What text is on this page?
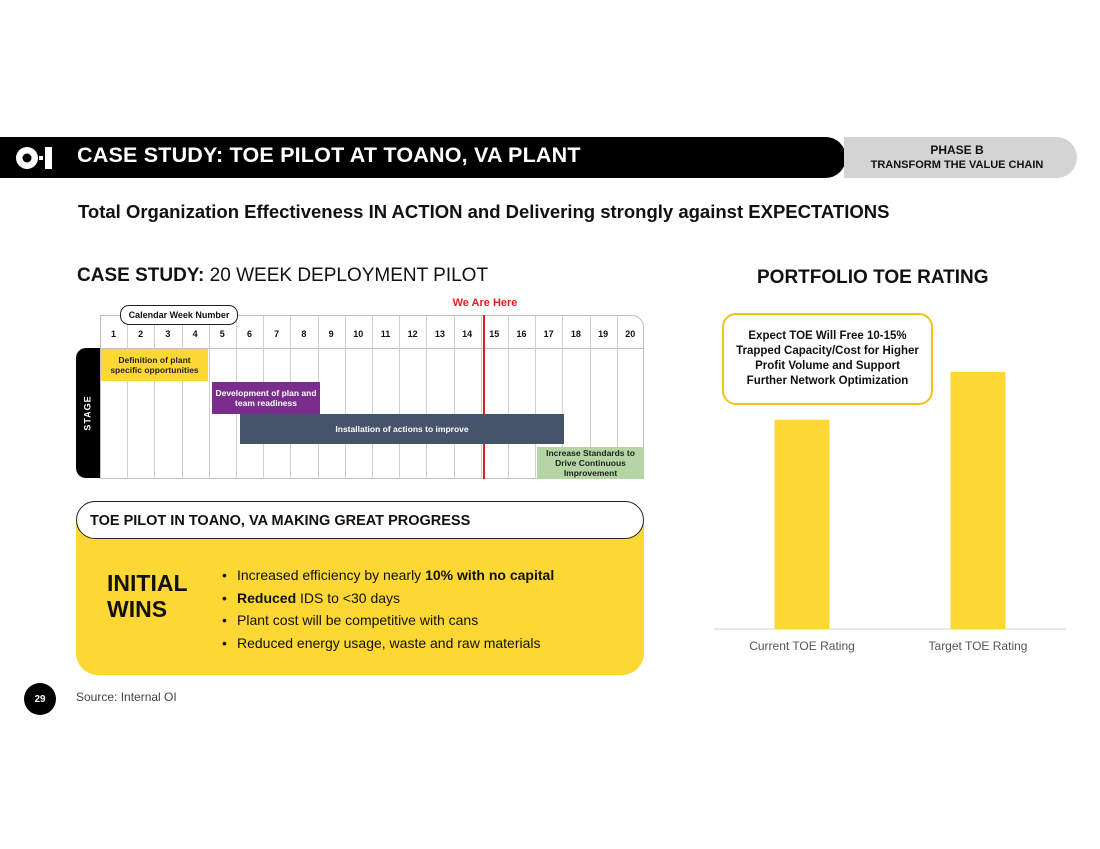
CASE STUDY: TOE PILOT AT TOANO, VA PLANT	PHASE B
TRANSFORM THE VALUE CHAIN
Total Organization Effectiveness IN ACTION and Delivering strongly against EXPECTATIONS
CASE STUDY: 20 WEEK DEPLOYMENT PILOT
1	2	3	4	5	6	7	8	9	10	11	12	13	14	15	16	17	18	19	20
Calendar Week Number
We Are Here
STAGE
Definition of plant specific opportunities
Development of plan and team readiness
Installation of actions to improve
Increase Standards to Drive Continuous Improvement
TOE PILOT IN TOANO, VA MAKING GREAT PROGRESS
INITIAL
WINS
• Increased efficiency by nearly 10% with no capital
• Reduced IDS to <30 days
• Plant cost will be competitive with cans
• Reduced energy usage, waste and raw materials
29	Source: Internal OI
PORTFOLIO TOE RATING
Current TOE Rating	Target TOE Rating
Expect TOE Will Free 10-15% Trapped Capacity/Cost for Higher Profit Volume and Support Further Network Optimization
